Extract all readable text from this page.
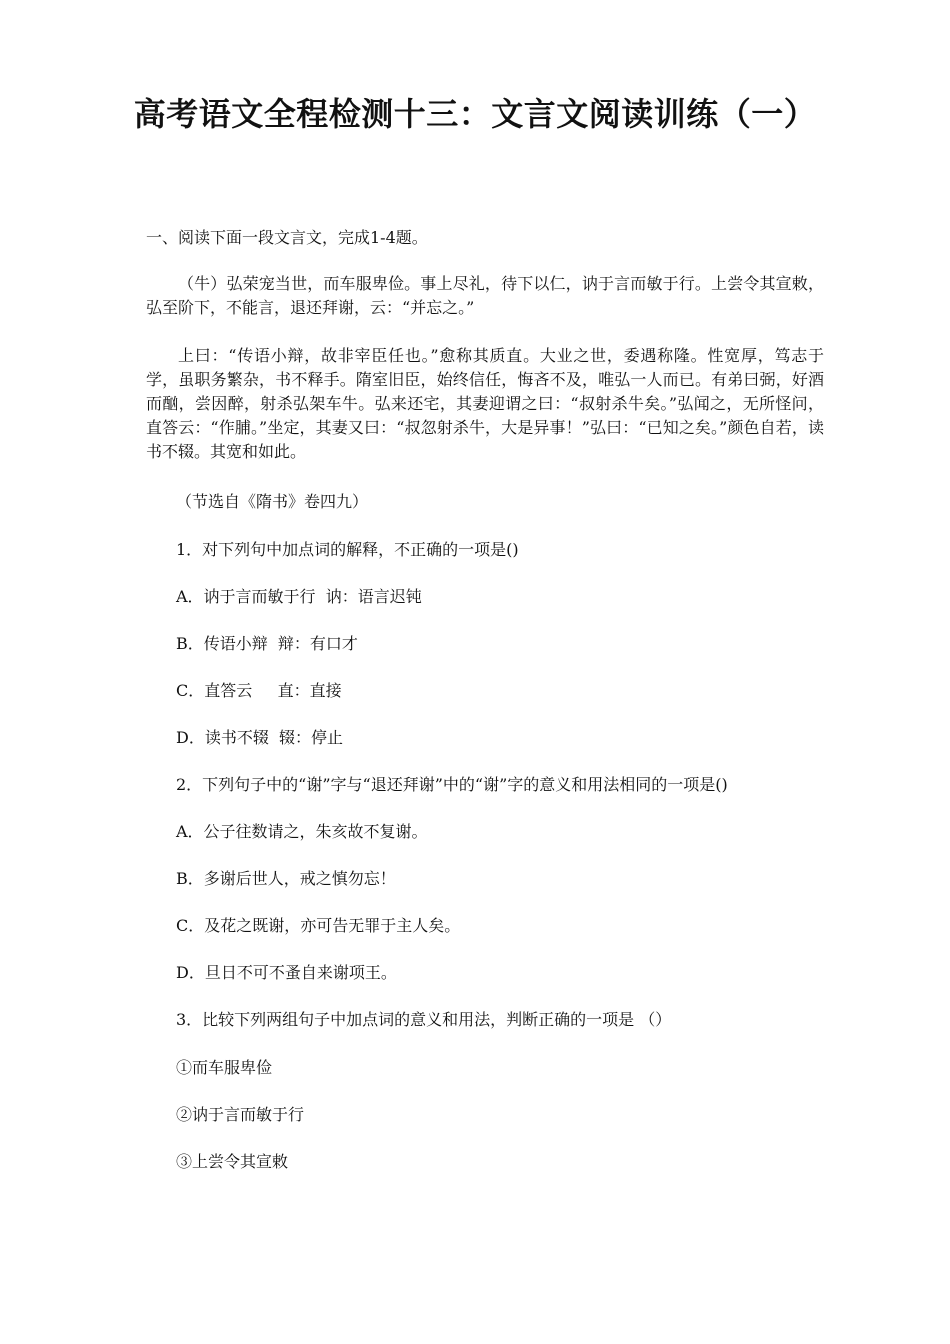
高考语文全程检测十三：文言文阅读训练（一）
一、阅读下面一段文言文，完成1-4题。
（牛）弘荣宠当世，而车服卑俭。事上尽礼，待下以仁，讷于言而敏于行。上尝令其宣敕，弘至阶下，不能言，退还拜谢，云：“并忘之。”
上曰：“传语小辩，故非宰臣任也。”愈称其质直。大业之世，委遇称隆。性宽厚，笃志于学，虽职务繁杂，书不释手。隋室旧臣，始终信任，悔吝不及，唯弘一人而已。有弟曰弼，好酒而酗，尝因醉，射杀弘架车牛。弘来还宅，其妻迎谓之曰：“叔射杀牛矣。”弘闻之，无所怪问，直答云：“作脯。”坐定，其妻又曰：“叔忽射杀牛，大是异事！”弘曰：“已知之矣。”颜色自若，读书不辍。其宽和如此。
（节选自《隋书》卷四九）
1．对下列句中加点词的解释，不正确的一项是()
A．讷于言而敏于行  讷：语言迟钝
B．传语小辩  辩：有口才
C．直答云     直：直接
D．读书不辍  辍：停止
2．下列句子中的“谢”字与“退还拜谢”中的“谢”字的意义和用法相同的一项是()
A．公子往数请之，朱亥故不复谢。
B．多谢后世人，戒之慎勿忘！
C．及花之既谢，亦可告无罪于主人矣。
D．旦日不可不蚤自来谢项王。
3．比较下列两组句子中加点词的意义和用法，判断正确的一项是 （）
①而车服卑俭
②讷于言而敏于行
③上尝令其宣敕
